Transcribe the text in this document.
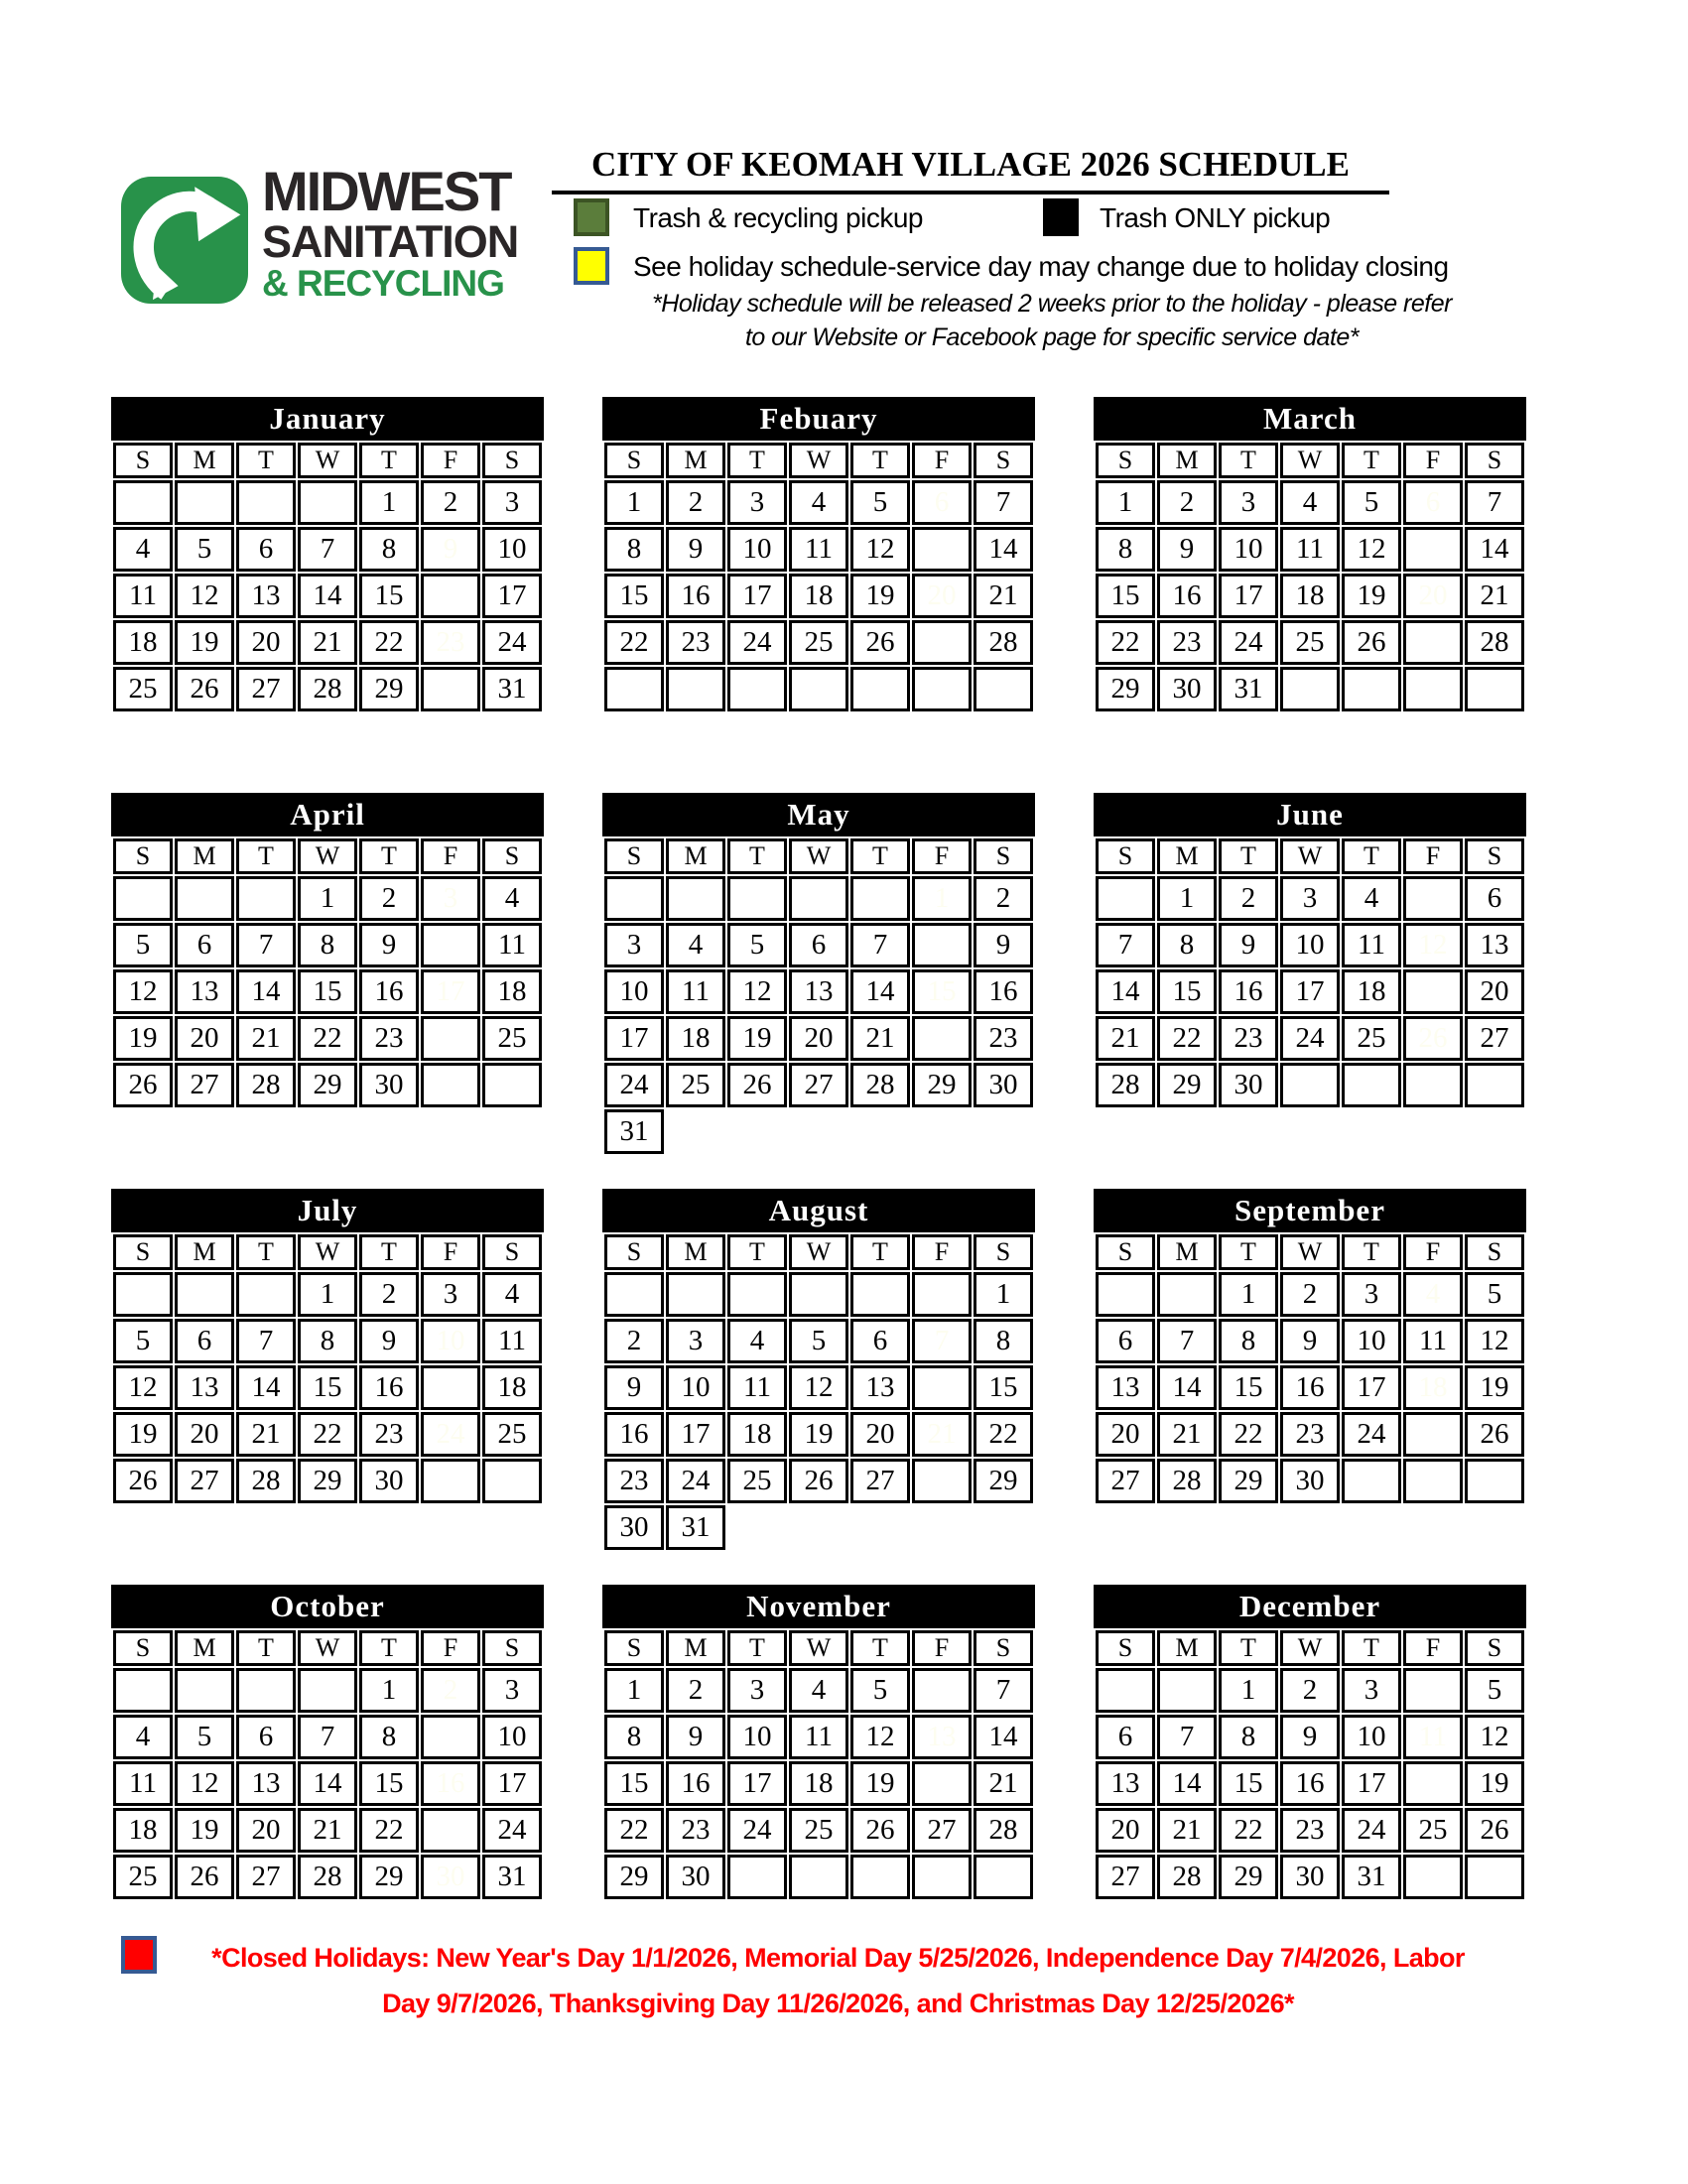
MIDWEST
SANITATION
& RECYCLING
CITY OF KEOMAH VILLAGE 2026 SCHEDULE
Trash & recycling pickup	Trash ONLY pickup
See holiday schedule-service day may change due to holiday closing
*Holiday schedule will be released 2 weeks prior to the holiday - please refer
to our Website or Facebook page for specific service date*
January
S	M	T	W	T	F	S
				1	2	3
4	5	6	7	8	9	10
11	12	13	14	15	16	17
18	19	20	21	22	23	24
25	26	27	28	29	30	31
Febuary
S	M	T	W	T	F	S
1	2	3	4	5	6	7
8	9	10	11	12	13	14
15	16	17	18	19	20	21
22	23	24	25	26	27	28

March
S	M	T	W	T	F	S
1	2	3	4	5	6	7
8	9	10	11	12	13	14
15	16	17	18	19	20	21
22	23	24	25	26	27	28
29	30	31				
April
S	M	T	W	T	F	S
			1	2	3	4
5	6	7	8	9	10	11
12	13	14	15	16	17	18
19	20	21	22	23	24	25
26	27	28	29	30		
May
S	M	T	W	T	F	S
					1	2
3	4	5	6	7	8	9
10	11	12	13	14	15	16
17	18	19	20	21	22	23
24	25	26	27	28	29	30
31						
June
S	M	T	W	T	F	S
	1	2	3	4	5	6
7	8	9	10	11	12	13
14	15	16	17	18	19	20
21	22	23	24	25	26	27
28	29	30				
July
S	M	T	W	T	F	S
			1	2	3	4
5	6	7	8	9	10	11
12	13	14	15	16	17	18
19	20	21	22	23	24	25
26	27	28	29	30	31	
August
S	M	T	W	T	F	S
						1
2	3	4	5	6	7	8
9	10	11	12	13	14	15
16	17	18	19	20	21	22
23	24	25	26	27	28	29
30	31					
September
S	M	T	W	T	F	S
		1	2	3	4	5
6	7	8	9	10	11	12
13	14	15	16	17	18	19
20	21	22	23	24	25	26
27	28	29	30			
October
S	M	T	W	T	F	S
				1	2	3
4	5	6	7	8	9	10
11	12	13	14	15	16	17
18	19	20	21	22	23	24
25	26	27	28	29	30	31
November
S	M	T	W	T	F	S
1	2	3	4	5	6	7
8	9	10	11	12	13	14
15	16	17	18	19	20	21
22	23	24	25	26	27	28
29	30					
December
S	M	T	W	T	F	S
		1	2	3	4	5
6	7	8	9	10	11	12
13	14	15	16	17	18	19
20	21	22	23	24	25	26
27	28	29	30	31		
*Closed Holidays: New Year's Day 1/1/2026, Memorial Day 5/25/2026, Independence Day 7/4/2026, Labor
Day 9/7/2026, Thanksgiving Day 11/26/2026, and Christmas Day 12/25/2026*
